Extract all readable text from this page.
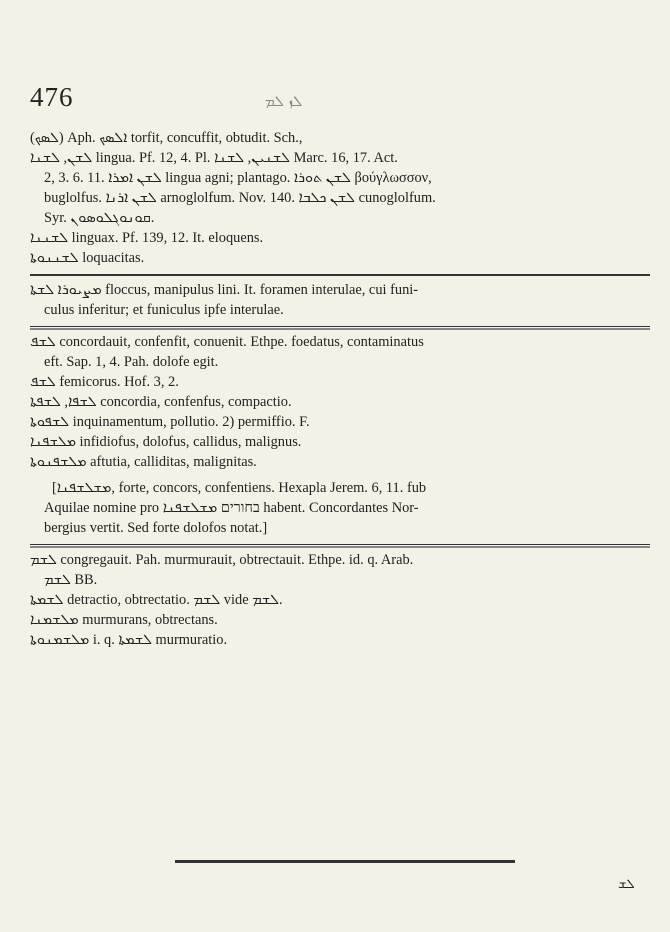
476	ܠܙ ܠܡ
(ܠܣܟ) Aph. ܐܠܣܟ torfit, concuffit, obtudit. Sch.,
ܠܫܢ, ܠܫܢܐ lingua. Pf. 12, 4. Pl. ܠܫܢܝܢ, ܠܫܢܐ Marc. 16, 17. Act.
2, 3. 6. 11. ܠܫܢ ܐܡܪܐ lingua agni; plantago. ܠܫܢ ܬܘܪܐ βούγλωσσον,
buglolfus. ܠܫܢ ܐܪܢܐ arnoglolfum. Nov. 140. ܠܫܢ ܟܠܒܐ cunoglolfum.
Syr. ܩܘܢܘܓܠܘܣܘܢ.
ܠܫܢܢܐ linguax. Pf. 139, 12. It. eloquens.
ܠܫܢܢܘܬܐ loquacitas.
ܡܨܝܘܪܐ ܠܫܬܐ floccus, manipulus lini. It. foramen interulae, cui funi-
culus inferitur; et funiculus ipfe interulae.
ܠܫܦ concordauit, confenfit, conuenit. Ethpe. foedatus, contaminatus
eft. Sap. 1, 4. Pah. dolofe egit.
ܠܫܦ femicorus. Hof. 3, 2.
ܠܫܦܐ, ܠܫܦܬܐ concordia, confenfus, compactio.
ܠܫܦܘܬܐ inquinamentum, pollutio. 2) permiffio. F.
ܡܠܫܦܢܐ infidiofus, dolofus, callidus, malignus.
ܡܠܫܦܢܘܬܐ aftutia, calliditas, malignitas.
[ܡܫܠܫܦܢܐ, forte, concors, confentiens. Hexapla Jerem. 6, 11. fub
Aquilae nomine pro בחורים ܡܫܠܫܦܢܐ habent. Concordantes Nor-
bergius vertit. Sed forte dolofos notat.]
ܠܫܡ congregauit. Pah. murmurauit, obtrectauit. Ethpe. id. q. Arab.
ܠܫܡ BB.
ܠܫܡܬܐ detractio, obtrectatio. ܠܫܡ vide ܠܫܡ.
ܡܠܫܡܢܐ murmurans, obtrectans.
ܡܠܫܡܢܘܬܐ i. q. ܠܫܡܬܐ murmuratio.
ܠܫ
